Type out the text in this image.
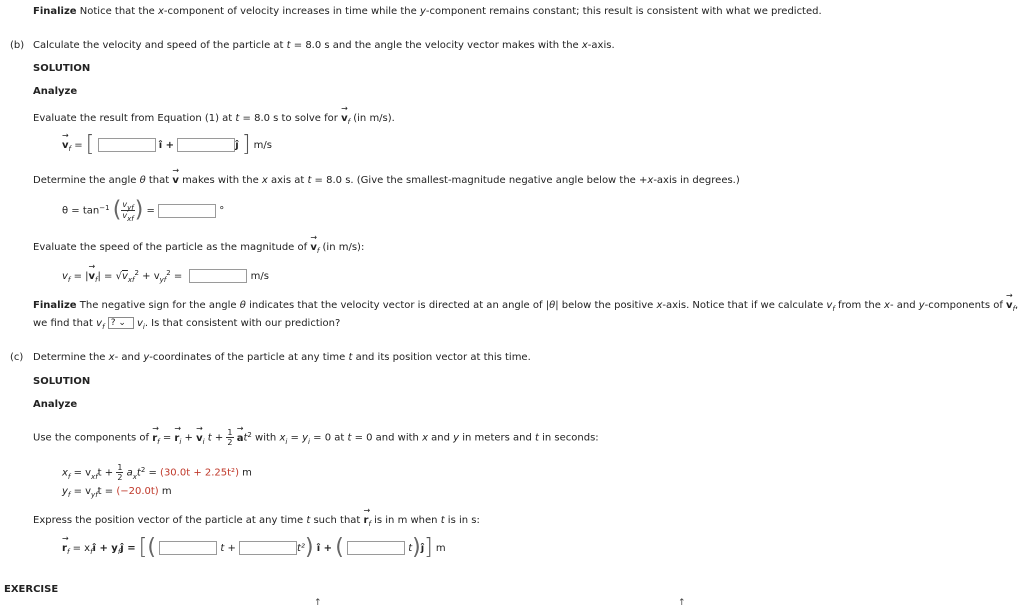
Finalize Notice that the x-component of velocity increases in time while the y-component remains constant; this result is consistent with what we predicted.
(b) Calculate the velocity and speed of the particle at t = 8.0 s and the angle the velocity vector makes with the x-axis.
SOLUTION
Analyze
Evaluate the result from Equation (1) at t = 8.0 s to solve for → $v_f$ (in m/s).
→ $v_f$ = [	î +	ĵ ] m/s
Determine the angle θ that → v makes with the x axis at t = 8.0 s. (Give the smallest-magnitude negative angle below the +x-axis in degrees.)
$\theta = \tan^{-1}$ ( $\frac{\text{vyf}}{\text{vxf}}$ ) =	°
Evaluate the speed of the particle as the magnitude of → $v_f$ (in m/s):
$v_f$ = |→ $v_f| = √v_{xf}^2 + v_{yf}^2$ =	m/s
Finalize The negative sign for the angle θ indicates that the velocity vector is directed at an angle of |θ| below the positive x-axis. Notice that if we calculate $v_f$ from the x- and y-components of → $v_f$,
we find that $v_f$ ? ⌄ $v_i$. Is that consistent with our prediction?
(c) Determine the x- and y-coordinates of the particle at any time t and its position vector at this time.
SOLUTION
Analyze
Use the components of → $r_f$ = → $r_i$ + → $v_i$ $t + \frac{1}{2} \to at^2$ with $x_i = y_i = 0$ at t = 0 and with x and y in meters and t in seconds:
$x_f = v_{xf}t + \frac{1}{2} a_xt^2 = (30.0t + 2.25t^2)$ m
$y_f = v_{yf}t = (-20.0t)$ m
Express the position vector of the particle at any time t such that → $r_f$ is in m when t is in s:
→ $r_f$ = $x_fî$ + $y_fĵ$ = [(	t +	t²) î + (	t)ĵ] m
EXERCISE
↑	↑
